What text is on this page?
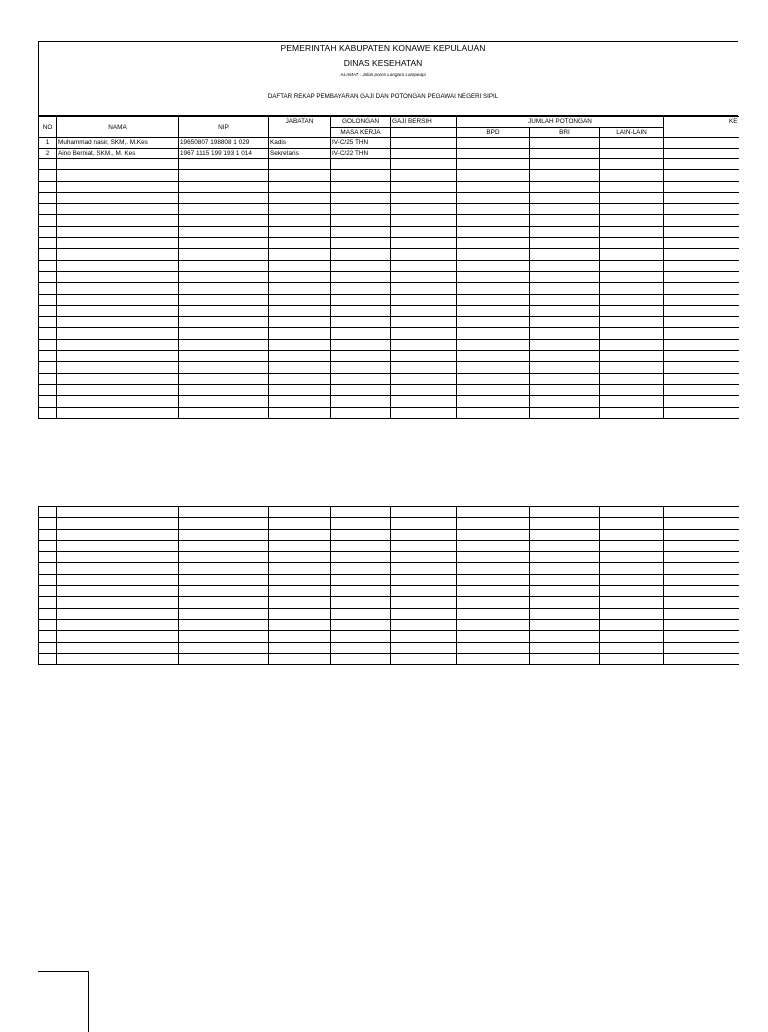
PEMERINTAH KABUPATEN KONAWE KEPULAUAN
DINAS KESEHATAN
ALAMAT : Jalan poros Langara Lampeapi
DAFTAR REKAP PEMBAYARAN GAJI DAN POTONGAN PEGAWAI NEGERI SIPIL
NO	NAMA	NIP	JABATAN	GOLONGAN	GAJI BERSIH	JUMLAH POTONGAN			KE
				MASA KERJA		BPD	BRI	LAIN-LAIN	
1	Muhammad nasir, SKM,. M.Kes	19650807 198808 1 029	Kadis	IV-C/25 THN					
2	Aino Berniat, SKM., M. Kes	1967 1115 199 193 1 014	Sekretaris	IV-C/22 THN					
